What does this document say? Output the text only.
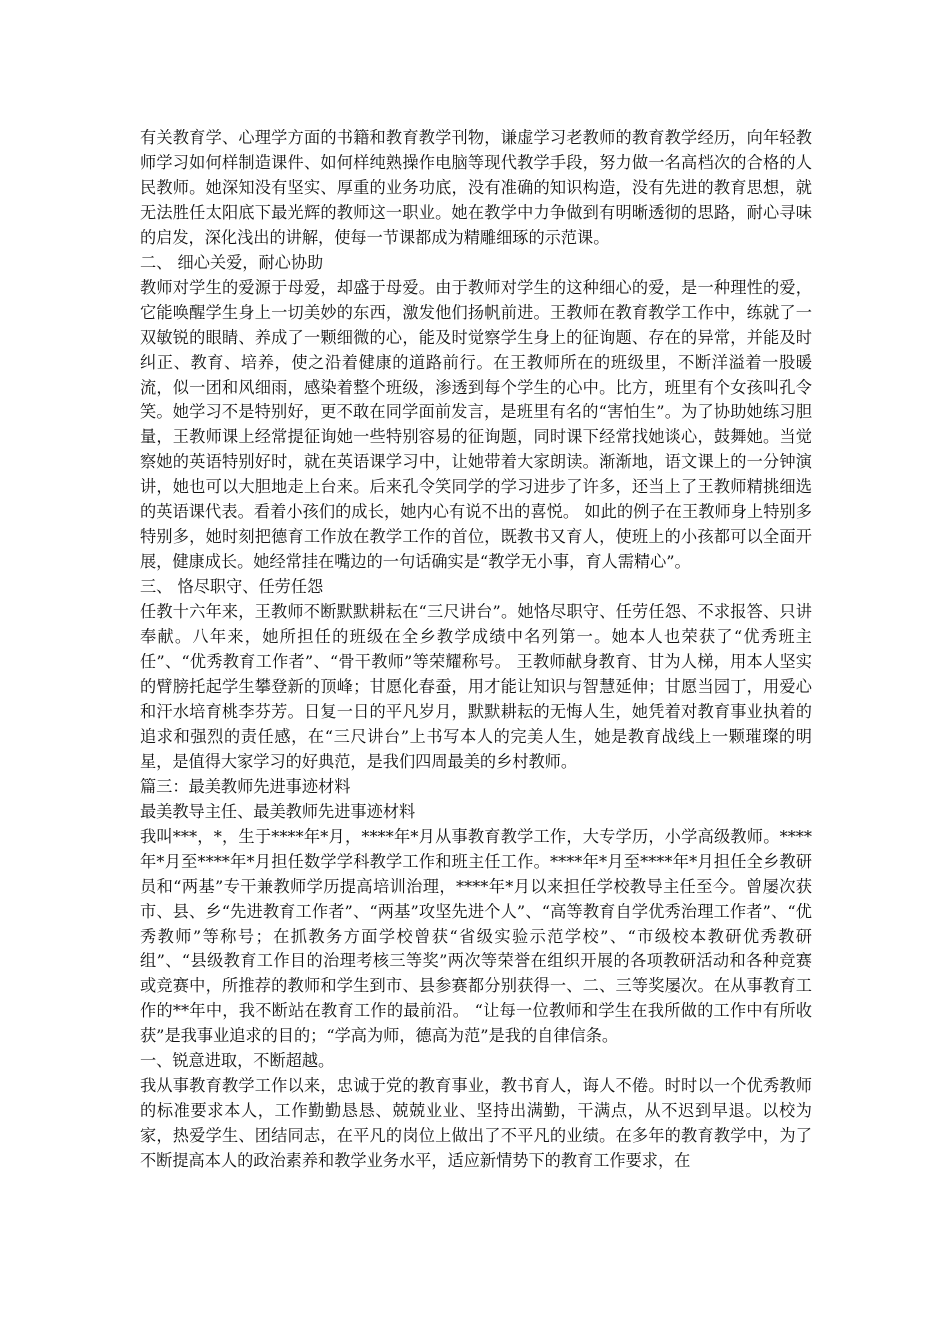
有关教育学、心理学方面的书籍和教育教学刊物，谦虚学习老教师的教育教学经历，向年轻教师学习如何样制造课件、如何样纯熟操作电脑等现代教学手段，努力做一名高档次的合格的人民教师。她深知没有坚实、厚重的业务功底，没有准确的知识构造，没有先进的教育思想，就无法胜任太阳底下最光辉的教师这一职业。她在教学中力争做到有明晰透彻的思路，耐心寻味的启发，深化浅出的讲解，使每一节课都成为精雕细琢的示范课。

二、 细心关爱，耐心协助

教师对学生的爱源于母爱，却盛于母爱。由于教师对学生的这种细心的爱，是一种理性的爱，它能唤醒学生身上一切美妙的东西，激发他们扬帆前进。王教师在教育教学工作中，练就了一双敏锐的眼睛、养成了一颗细微的心，能及时觉察学生身上的征询题、存在的异常，并能及时纠正、教育、培养，使之沿着健康的道路前行。在王教师所在的班级里，不断洋溢着一股暖流，似一团和风细雨，感染着整个班级，渗透到每个学生的心中。比方，班里有个女孩叫孔令笑。她学习不是特别好，更不敢在同学面前发言，是班里有名的“害怕生”。为了协助她练习胆量，王教师课上经常提征询她一些特别容易的征询题，同时课下经常找她谈心，鼓舞她。当觉察她的英语特别好时，就在英语课学习中，让她带着大家朗读。渐渐地，语文课上的一分钟演讲，她也可以大胆地走上台来。后来孔令笑同学的学习进步了许多，还当上了王教师精挑细选的英语课代表。看着小孩们的成长，她内心有说不出的喜悦。 如此的例子在王教师身上特别多特别多，她时刻把德育工作放在教学工作的首位，既教书又育人，使班上的小孩都可以全面开展，健康成长。她经常挂在嘴边的一句话确实是“教学无小事，育人需精心”。

三、 恪尽职守、任劳任怨

任教十六年来，王教师不断默默耕耘在“三尺讲台”。她恪尽职守、任劳任怨、不求报答、只讲奉献。八年来，她所担任的班级在全乡教学成绩中名列第一。她本人也荣获了“优秀班主任”、“优秀教育工作者”、“骨干教师”等荣耀称号。 王教师献身教育、甘为人梯，用本人坚实的臂膀托起学生攀登新的顶峰；甘愿化春蚕，用才能让知识与智慧延伸；甘愿当园丁，用爱心和汗水培育桃李芬芳。日复一日的平凡岁月，默默耕耘的无悔人生，她凭着对教育事业执着的追求和强烈的责任感，在“三尺讲台”上书写本人的完美人生，她是教育战线上一颗璀璨的明星，是值得大家学习的好典范，是我们四周最美的乡村教师。

篇三：最美教师先进事迹材料

最美教导主任、最美教师先进事迹材料

我叫***，*，生于****年*月，****年*月从事教育教学工作，大专学历，小学高级教师。****年*月至****年*月担任数学学科教学工作和班主任工作。****年*月至****年*月担任全乡教研员和“两基”专干兼教师学历提高培训治理，****年*月以来担任学校教导主任至今。曾屡次获市、县、乡“先进教育工作者”、“两基”攻坚先进个人”、“高等教育自学优秀治理工作者”、“优秀教师”等称号；在抓教务方面学校曾获“省级实验示范学校”、“市级校本教研优秀教研组”、“县级教育工作目的治理考核三等奖”两次等荣誉在组织开展的各项教研活动和各种竞赛或竞赛中，所推荐的教师和学生到市、县参赛都分别获得一、二、三等奖屡次。在从事教育工作的**年中，我不断站在教育工作的最前沿。 “让每一位教师和学生在我所做的工作中有所收获”是我事业追求的目的；“学高为师，德高为范”是我的自律信条。

一、锐意进取，不断超越。

我从事教育教学工作以来，忠诚于党的教育事业，教书育人，诲人不倦。时时以一个优秀教师的标准要求本人，工作勤勤恳恳、兢兢业业、坚持出满勤，干满点，从不迟到早退。以校为家，热爱学生、团结同志，在平凡的岗位上做出了不平凡的业绩。在多年的教育教学中，为了不断提高本人的政治素养和教学业务水平，适应新情势下的教育工作要求，在
